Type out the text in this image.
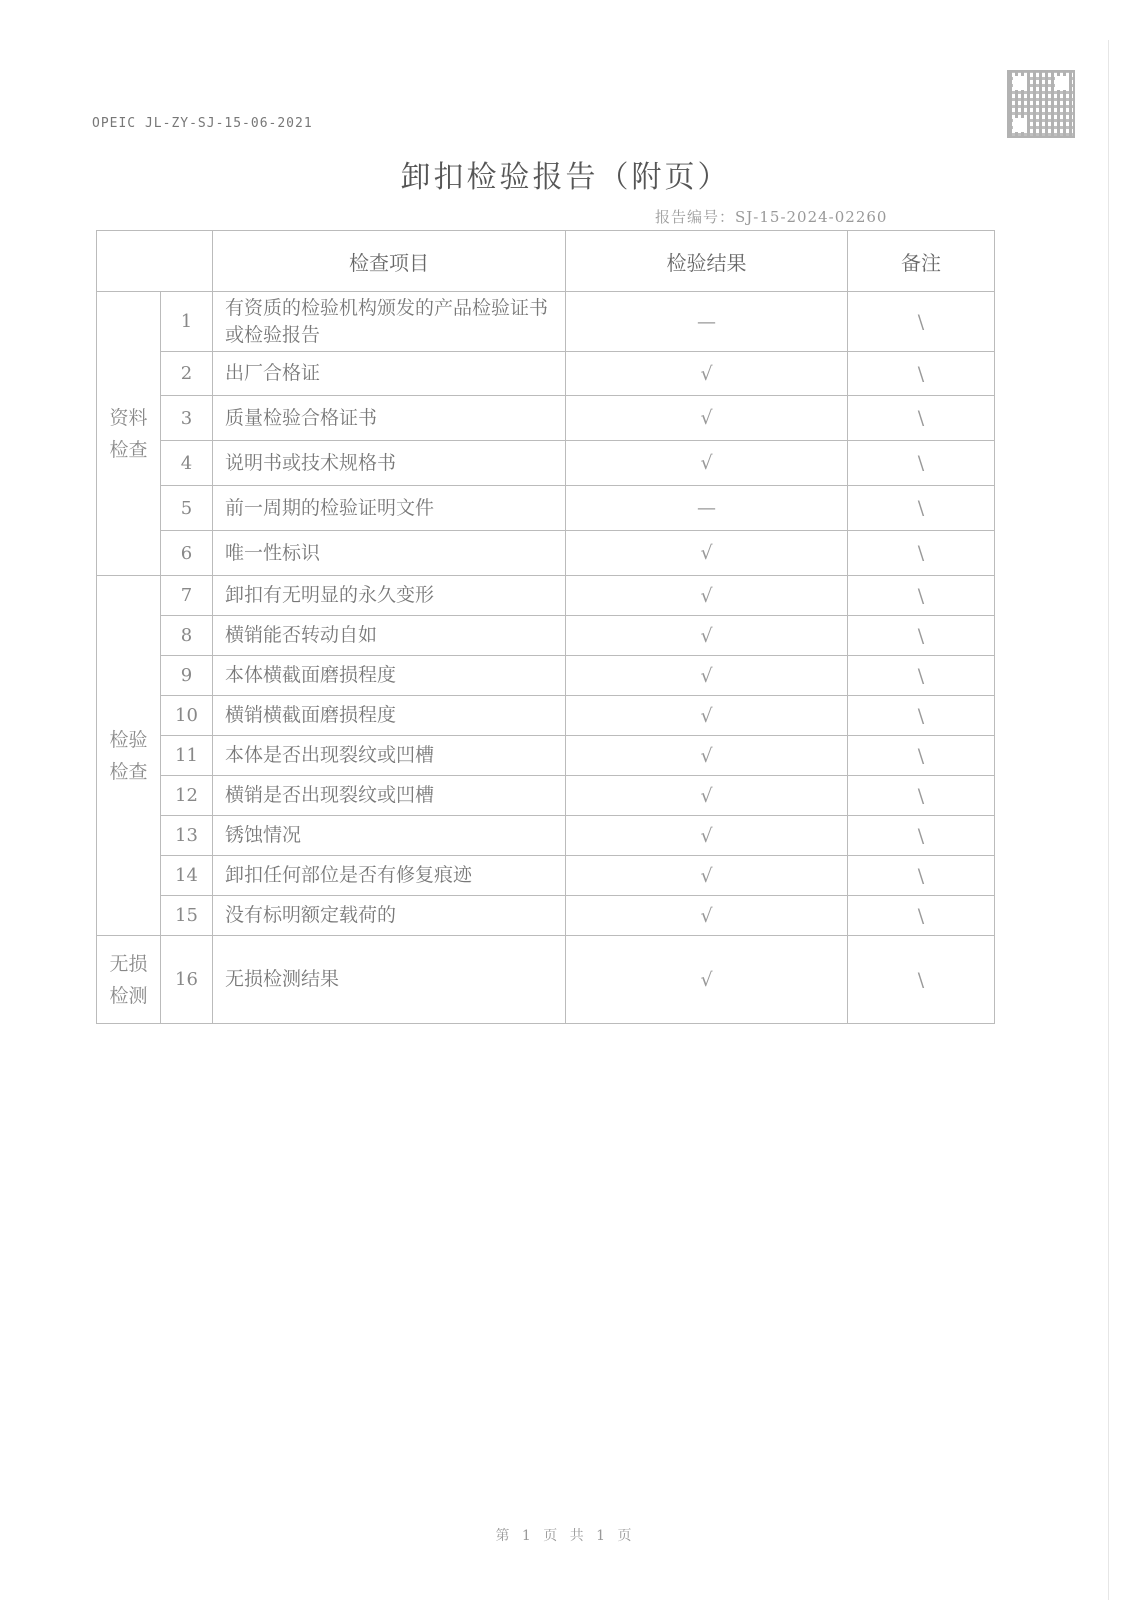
OPEIC JL-ZY-SJ-15-06-2021
卸扣检验报告（附页）
报告编号：SJ-15-2024-02260
		检查项目	检验结果	备注

资料
检查	1	有资质的检验机构颁发的产品检验证书或检验报告	—	\
	2	出厂合格证	√	\
	3	质量检验合格证书	√	\
	4	说明书或技术规格书	√	\
	5	前一周期的检验证明文件	—	\
	6	唯一性标识	√	\

检验
检查	7	卸扣有无明显的永久变形	√	\
	8	横销能否转动自如	√	\
	9	本体横截面磨损程度	√	\
	10	横销横截面磨损程度	√	\
	11	本体是否出现裂纹或凹槽	√	\
	12	横销是否出现裂纹或凹槽	√	\
	13	锈蚀情况	√	\
	14	卸扣任何部位是否有修复痕迹	√	\
	15	没有标明额定载荷的	√	\

无损
检测	16	无损检测结果	√	\
第 1 页 共 1 页
